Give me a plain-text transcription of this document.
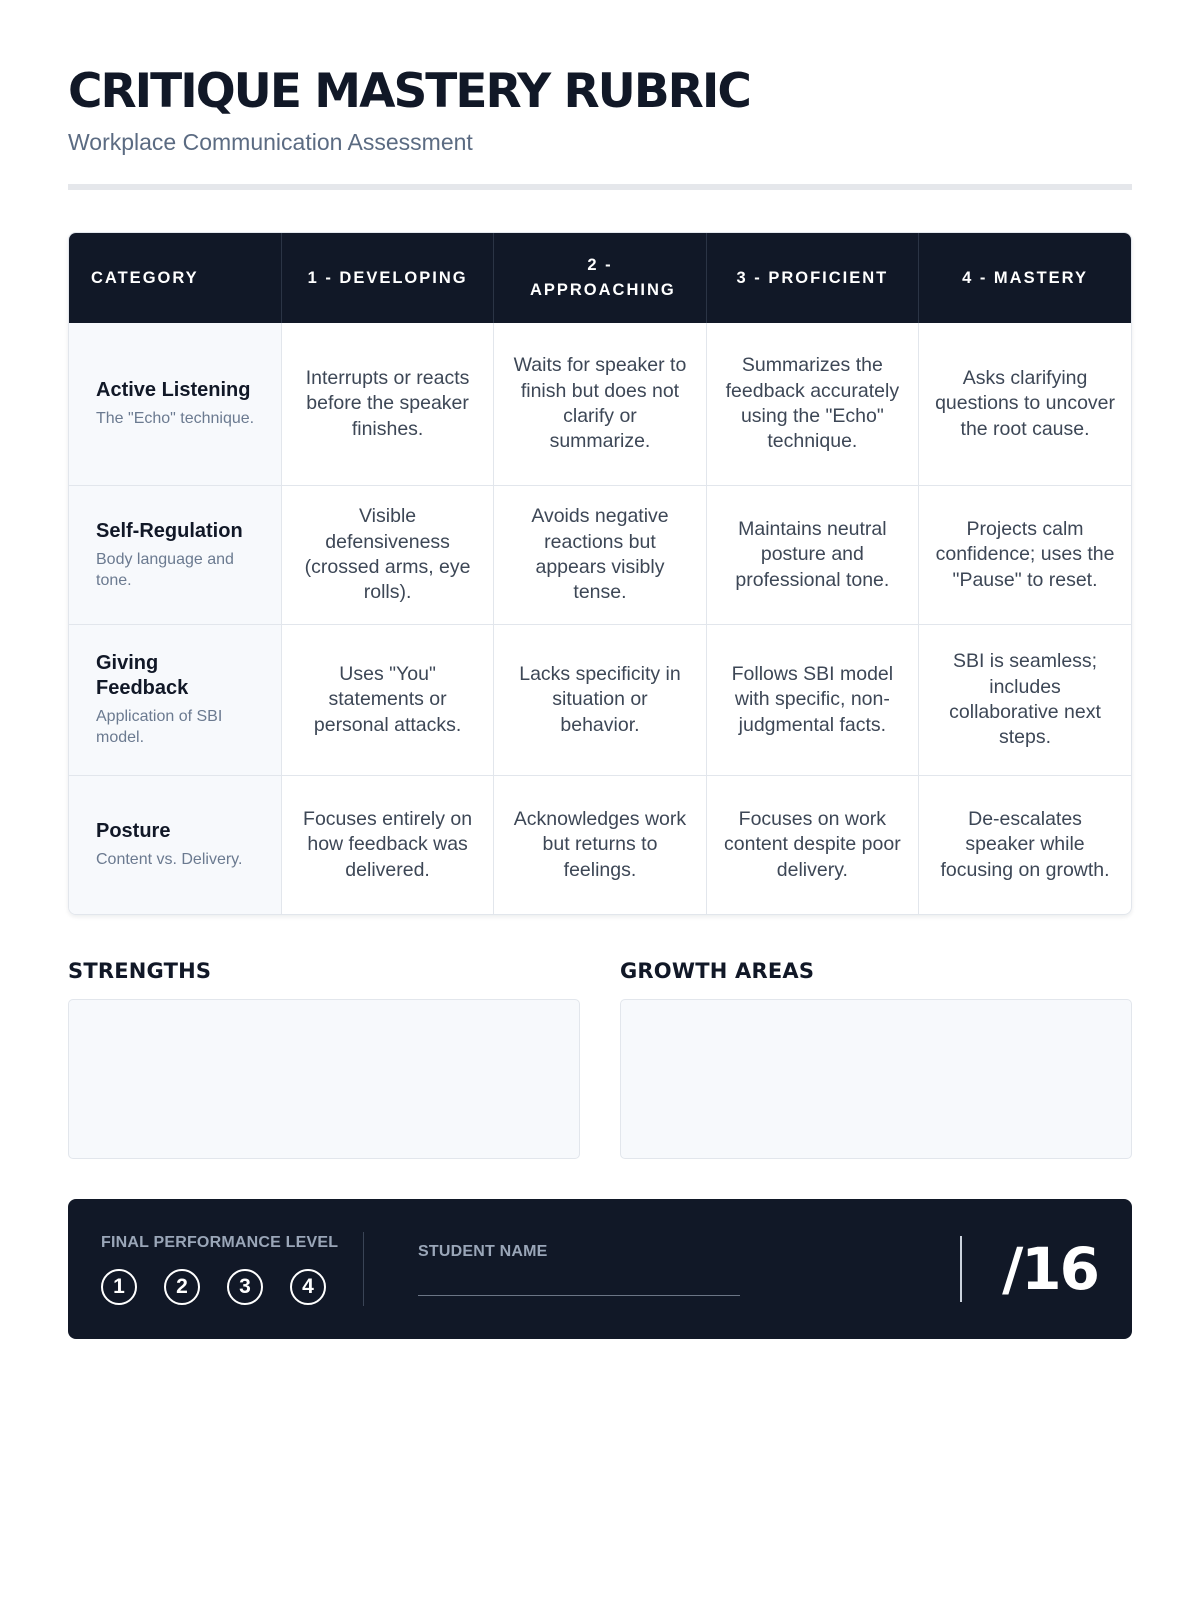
CRITIQUE MASTERY RUBRIC
Workplace Communication Assessment
CATEGORY	1 - DEVELOPING	2 - APPROACHING	3 - PROFICIENT	4 - MASTERY

Active Listening
The "Echo" technique.	Interrupts or reacts before the speaker finishes.	Waits for speaker to finish but does not clarify or summarize.	Summarizes the feedback accurately using the "Echo" technique.	Asks clarifying questions to uncover the root cause.

Self-Regulation
Body language and tone.	Visible defensiveness (crossed arms, eye rolls).	Avoids negative reactions but appears visibly tense.	Maintains neutral posture and professional tone.	Projects calm confidence; uses the "Pause" to reset.

Giving Feedback
Application of SBI model.	Uses "You" statements or personal attacks.	Lacks specificity in situation or behavior.	Follows SBI model with specific, non-judgmental facts.	SBI is seamless; includes collaborative next steps.

Posture
Content vs. Delivery.	Focuses entirely on how feedback was delivered.	Acknowledges work but returns to feelings.	Focuses on work content despite poor delivery.	De-escalates speaker while focusing on growth.
STRENGTHS	GROWTH AREAS
FINAL PERFORMANCE LEVEL
1	2	3	4
STUDENT NAME	/16
